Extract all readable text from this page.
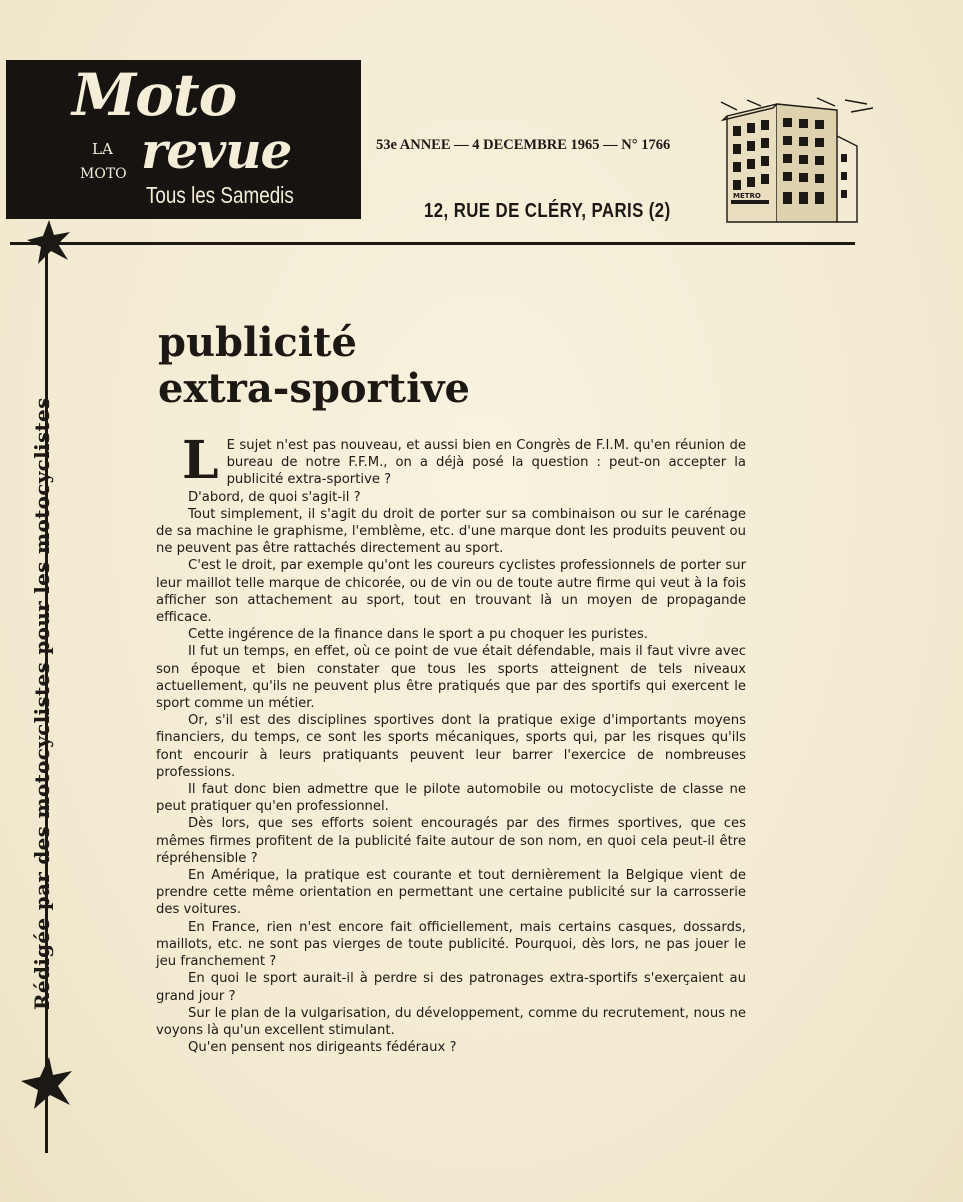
Moto
LA revue
MOTO
Tous les Samedis
53e ANNEE — 4 DECEMBRE 1965 — N° 1766
12, RUE DE CLÉRY, PARIS (2)
METRO
Rédigée par des motocyclistes pour les motocyclistes
publicité
extra-sportive

L E sujet n'est pas nouveau, et aussi bien en Congrès de F.I.M. qu'en réunion de bureau de notre F.F.M., on a déjà posé la question : peut-on accepter la publicité extra-sportive ?

D'abord, de quoi s'agit-il ?

Tout simplement, il s'agit du droit de porter sur sa combinaison ou sur le carénage de sa machine le graphisme, l'emblème, etc. d'une marque dont les produits peuvent ou ne peuvent pas être rattachés directement au sport.

C'est le droit, par exemple qu'ont les coureurs cyclistes professionnels de porter sur leur maillot telle marque de chicorée, ou de vin ou de toute autre firme qui veut à la fois afficher son attachement au sport, tout en trouvant là un moyen de propagande efficace.

Cette ingérence de la finance dans le sport a pu choquer les puristes.

Il fut un temps, en effet, où ce point de vue était défendable, mais il faut vivre avec son époque et bien constater que tous les sports atteignent de tels niveaux actuellement, qu'ils ne peuvent plus être pratiqués que par des sportifs qui exercent le sport comme un métier.

Or, s'il est des disciplines sportives dont la pratique exige d'importants moyens financiers, du temps, ce sont les sports mécaniques, sports qui, par les risques qu'ils font encourir à leurs pratiquants peuvent leur barrer l'exercice de nombreuses professions.

Il faut donc bien admettre que le pilote automobile ou motocycliste de classe ne peut pratiquer qu'en professionnel.

Dès lors, que ses efforts soient encouragés par des firmes sportives, que ces mêmes firmes profitent de la publicité faite autour de son nom, en quoi cela peut-il être répréhensible ?

En Amérique, la pratique est courante et tout dernièrement la Belgique vient de prendre cette même orientation en permettant une certaine publicité sur la carrosserie des voitures.

En France, rien n'est encore fait officiellement, mais certains casques, dossards, maillots, etc. ne sont pas vierges de toute publicité. Pourquoi, dès lors, ne pas jouer le jeu franchement ?

En quoi le sport aurait-il à perdre si des patronages extra-sportifs s'exerçaient au grand jour ?

Sur le plan de la vulgarisation, du développement, comme du recrutement, nous ne voyons là qu'un excellent stimulant.

Qu'en pensent nos dirigeants fédéraux ?
